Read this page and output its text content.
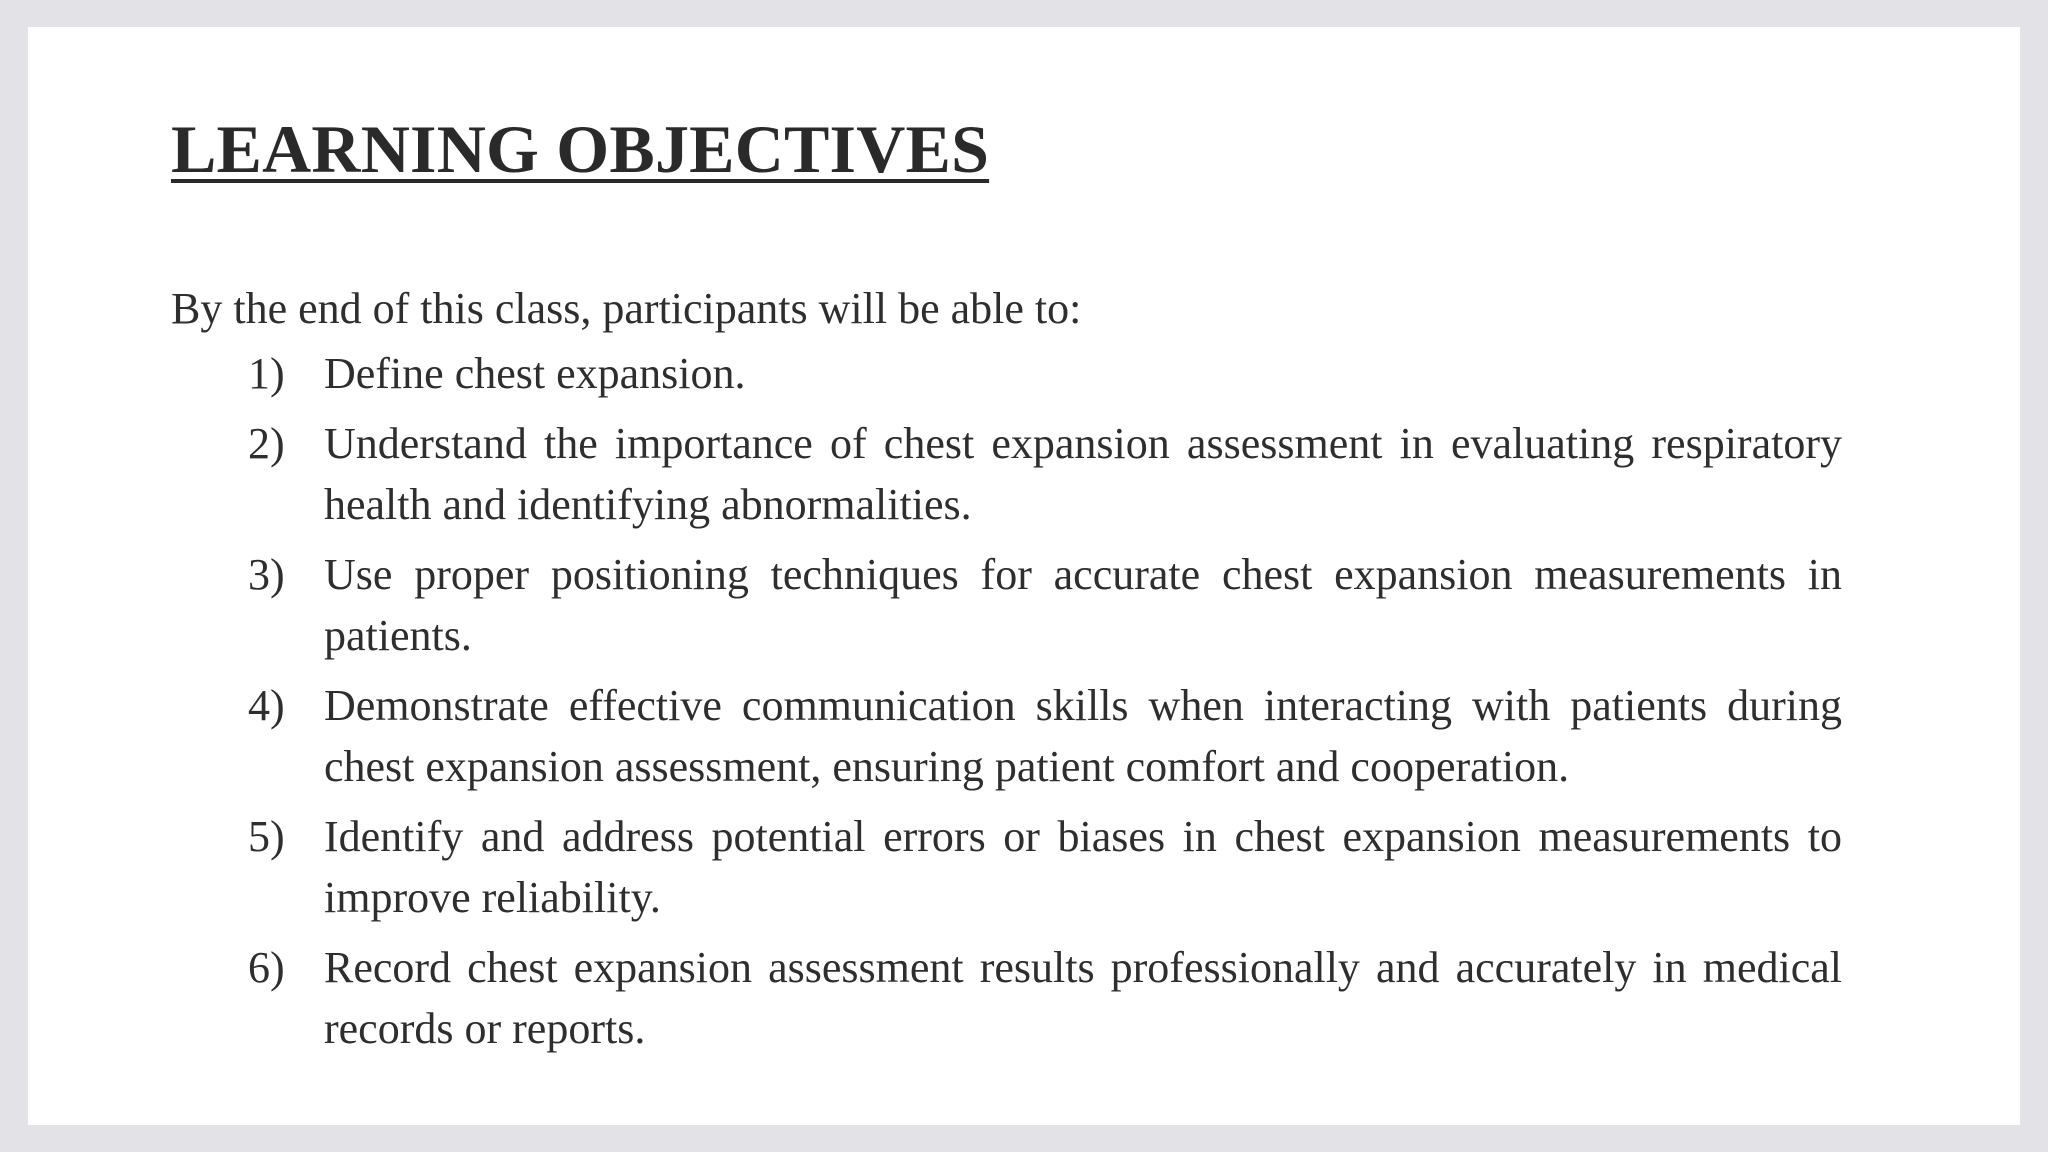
LEARNING OBJECTIVES

By the end of this class, participants will be able to:

1) Define chest expansion.
2) Understand the importance of chest expansion assessment in evaluating respiratory health and identifying abnormalities.
3) Use proper positioning techniques for accurate chest expansion measurements in patients.
4) Demonstrate effective communication skills when interacting with patients during chest expansion assessment, ensuring patient comfort and cooperation.
5) Identify and address potential errors or biases in chest expansion measurements to improve reliability.
6) Record chest expansion assessment results professionally and accurately in medical records or reports.
